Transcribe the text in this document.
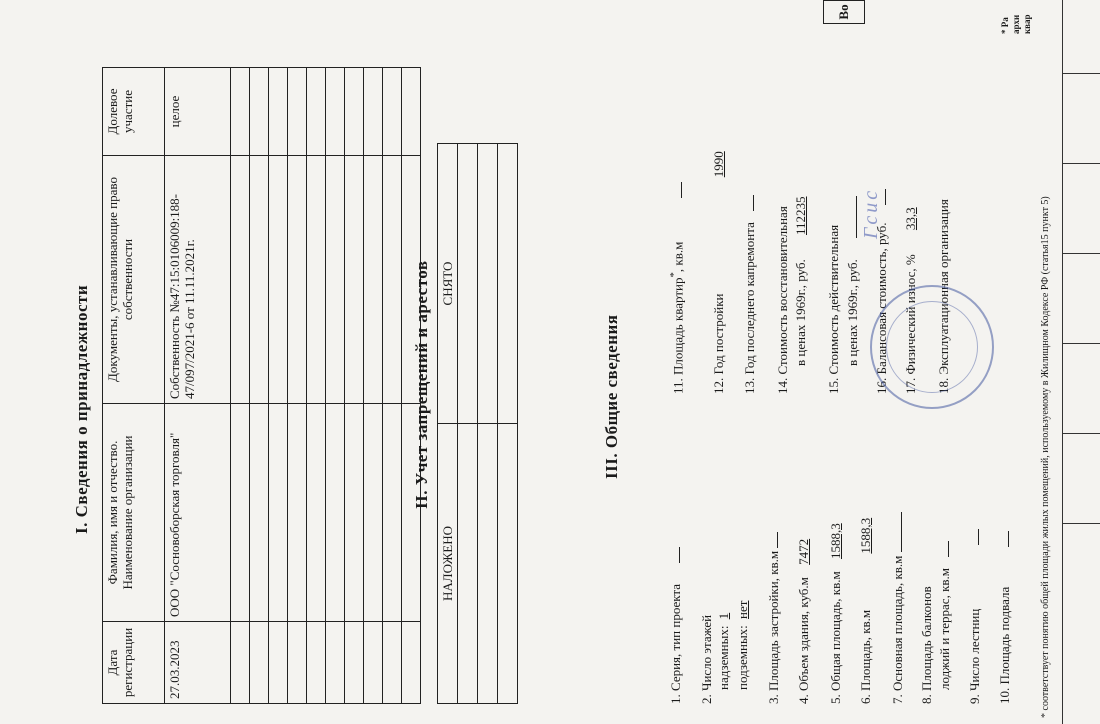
I. Сведения о принадлежности
Дата регистрации	Фамилия, имя и отчество. Наименование организации	Документы, устанавливающие право собственности	Долевое участие
27.03.2023	ООО "Сосновоборская торговля"	Собственность №47:15:0106009:188-47/097/2021-6 от 11.11.2021г.	целое

II. Учет запрещений и арестов
НАЛОЖЕНО	СНЯТО

III. Общие сведения
1. Серия, тип проекта 2. Число этажей надземных: 1
подземных: нет 3. Площадь застройки, кв.м 4. Объем здания, куб.м 7472
5. Общая площадь, кв.м 1588,3
6. Площадь, кв.м 1588,3
7. Основная площадь, кв.м 8. Площадь балконов лоджий и террас, кв.м 9. Число лестниц 10. Площадь подвала
11. Площадь квартир*, кв.м
12. Год постройки 1990
13. Год последнего капремонта 14. Стоимость восстановительная в ценах 1969г., руб. 112235
15. Стоимость действительная в ценах 1969г., руб. 16. Балансовая стоимость, руб. 17. Физический износ, % 33,3 18. Эксплуатационная организация
Гсис	* соответствует понятию общей площади жилых помещений, используемому в Жилищном Кодексе РФ (статья15 пункт 5)
Во
* Ра архи квар
